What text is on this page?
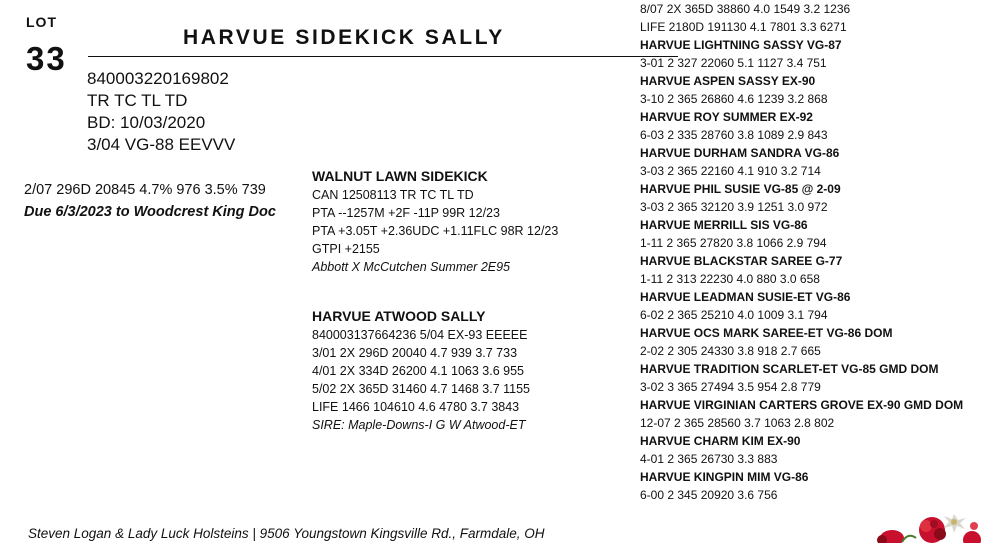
LOT
33
HARVUE SIDEKICK SALLY
840003220169802
TR TC TL TD
BD: 10/03/2020
3/04 VG-88 EEVVV
2/07 296D 20845 4.7% 976 3.5% 739
Due 6/3/2023 to Woodcrest King Doc
WALNUT LAWN SIDEKICK
CAN 12508113 TR TC TL TD
PTA --1257M +2F -11P 99R 12/23
PTA +3.05T +2.36UDC +1.11FLC 98R 12/23
GTPI +2155
Abbott X McCutchen Summer 2E95
HARVUE ATWOOD SALLY
840003137664236 5/04 EX-93 EEEEE
3/01 2X 296D 20040 4.7 939 3.7 733
4/01 2X 334D 26200 4.1 1063 3.6 955
5/02 2X 365D 31460 4.7 1468 3.7 1155
LIFE 1466 104610 4.6 4780 3.7 3843
SIRE: Maple-Downs-I G W Atwood-ET
8/07 2X 365D 38860 4.0 1549 3.2 1236
LIFE 2180D 191130 4.1 7801 3.3 6271
HARVUE LIGHTNING SASSY VG-87
3-01 2 327 22060 5.1 1127 3.4 751
HARVUE ASPEN SASSY EX-90
3-10 2 365 26860 4.6 1239 3.2 868
HARVUE ROY SUMMER EX-92
6-03 2 335 28760 3.8 1089 2.9 843
HARVUE DURHAM SANDRA VG-86
3-03 2 365 22160 4.1 910 3.2 714
HARVUE PHIL SUSIE VG-85 @ 2-09
3-03 2 365 32120 3.9 1251 3.0 972
HARVUE MERRILL SIS VG-86
1-11 2 365 27820 3.8 1066 2.9 794
HARVUE BLACKSTAR SAREE G-77
1-11 2 313 22230 4.0 880 3.0 658
HARVUE LEADMAN SUSIE-ET VG-86
6-02 2 365 25210 4.0 1009 3.1 794
HARVUE OCS MARK SAREE-ET VG-86 DOM
2-02 2 305 24330 3.8 918 2.7 665
HARVUE TRADITION SCARLET-ET VG-85 GMD DOM
3-02 3 365 27494 3.5 954 2.8 779
HARVUE VIRGINIAN CARTERS GROVE EX-90 GMD DOM
12-07 2 365 28560 3.7 1063 2.8 802
HARVUE CHARM KIM EX-90
4-01 2 365 26730 3.3 883
HARVUE KINGPIN MIM VG-86
6-00 2 345 20920 3.6 756
Steven Logan & Lady Luck Holsteins | 9506 Youngstown Kingsville Rd., Farmdale, OH
